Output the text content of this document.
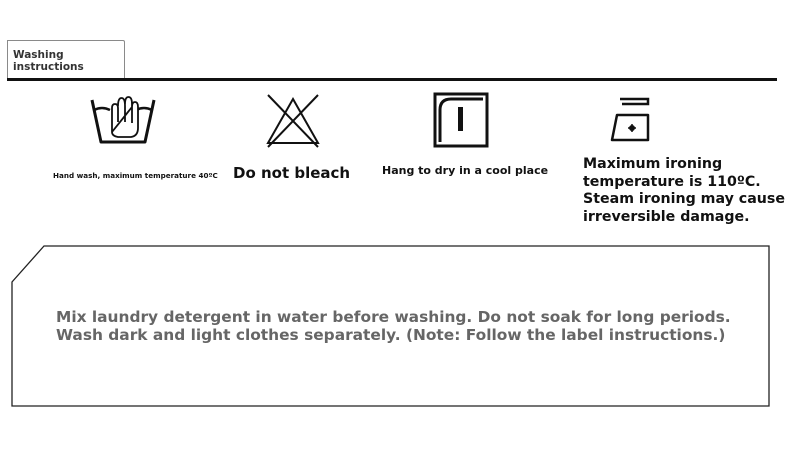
Washing instructions
Hand wash, maximum temperature 40ºC Do not bleach	Hang to dry in a cool place Maximum ironing temperature is 110ºC. Steam ironing may cause irreversible damage.
Mix laundry detergent in water before washing. Do not soak for long periods.
Wash dark and light clothes separately. (Note: Follow the label instructions.)
